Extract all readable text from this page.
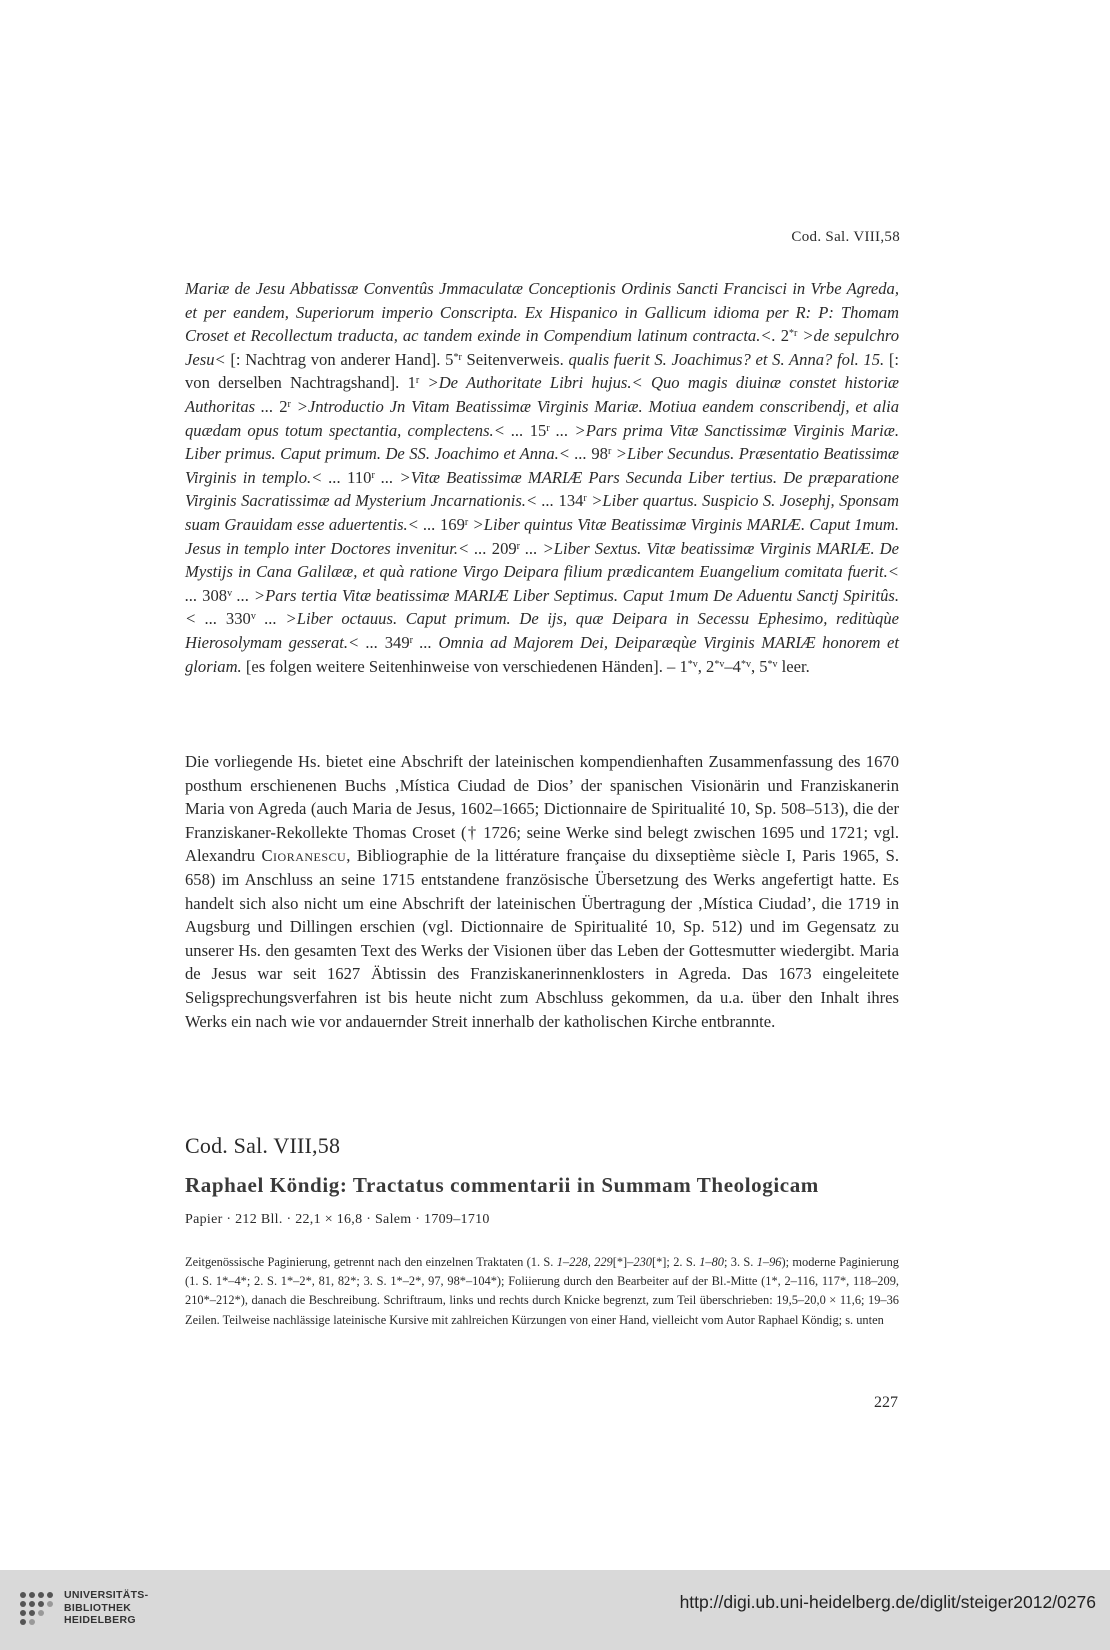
Cod. Sal. VIII,58
Mariæ de Jesu Abbatissæ Conventûs Jmmaculatæ Conceptionis Ordinis Sancti Francisci in Vrbe Agreda, et per eandem, Superiorum imperio Conscripta. Ex Hispanico in Gallicum idioma per R: P: Thomam Croset et Recollectum traducta, ac tandem exinde in Compendium latinum contracta.<. $2^{*r} >de$ sepulchro Jesu< [: Nachtrag von anderer Hand]. 5$^{*r}$ Seitenverweis. qualis fuerit S. Joachimus? et S. Anna? fol. 15. [: von derselben Nachtragshand]. $1^r >De$ Authoritate Libri hujus.< Quo magis diuinæ constet historiæ Authoritas ... $2^r$ >Jntroductio Jn Vitam Beatissimæ Virginis Mariæ. Motiua eandem conscribendj, et alia quædam opus totum spectantia, complectens.< ... 15$^r$ ... >Pars prima Vitæ Sanctissimæ Virginis Mariæ. Liber primus. Caput primum. De SS. Joachimo et Anna.< ... $98^r$ >Liber Secundus. Præsentatio Beatissimæ Virginis in templo.< ... 110$^r$ ... >Vitæ Beatissimæ MARIÆ Pars Secunda Liber tertius. De præparatione Virginis Sacratissimæ ad Mysterium Jncarnationis.< ... $134^r$ >Liber quartus. Suspicio S. Josephj, Sponsam suam Grauidam esse aduertentis.< ... $169^r$ >Liber quintus Vitæ Beatissimæ Virginis MARIÆ. Caput 1mum. Jesus in templo inter Doctores invenitur.< ... 209$^r$ ... >Liber Sextus. Vitæ beatissimæ Virginis MARIÆ. De Mystijs in Cana Galilææ, et quà ratione Virgo Deipara filium prædicantem Euangelium comitata fuerit.< ... 308$^v$ ... >Pars tertia Vitæ beatissimæ MARIÆ Liber Septimus. Caput 1mum De Aduentu Sanctj Spiritûs.< ... 330$^v$ ... >Liber octauus. Caput primum. De ijs, quæ Deipara in Secessu Ephesimo, reditùqùe Hierosolymam gesserat.< ... 349$^r$ ... Omnia ad Majorem Dei, Deiparæqùe Virginis MARIÆ honorem et gloriam. [es folgen weitere Seitenhinweise von verschiedenen Händen]. – 1$^{*v}$, 2$^{*v}$–4$^{*v}$, 5$^{*v}$ leer.
Die vorliegende Hs. bietet eine Abschrift der lateinischen kompendienhaften Zusammenfassung des 1670 posthum erschienenen Buchs ‚Mística Ciudad de Dios’ der spanischen Visionärin und Franziskanerin Maria von Agreda (auch Maria de Jesus, 1602–1665; Dictionnaire de Spiritualité 10, Sp. 508–513), die der Franziskaner-Rekollekte Thomas Croset († 1726; seine Werke sind belegt zwischen 1695 und 1721; vgl. Alexandru Cioranescu, Bibliographie de la littérature française du dixseptième siècle I, Paris 1965, S. 658) im Anschluss an seine 1715 entstandene französische Übersetzung des Werks angefertigt hatte. Es handelt sich also nicht um eine Abschrift der lateinischen Übertragung der ‚Mística Ciudad’, die 1719 in Augsburg und Dillingen erschien (vgl. Dictionnaire de Spiritualité 10, Sp. 512) und im Gegensatz zu unserer Hs. den gesamten Text des Werks der Visionen über das Leben der Gottesmutter wiedergibt. Maria de Jesus war seit 1627 Äbtissin des Franziskanerinnenklosters in Agreda. Das 1673 eingeleitete Seligsprechungsverfahren ist bis heute nicht zum Abschluss gekommen, da u.a. über den Inhalt ihres Werks ein nach wie vor andauernder Streit innerhalb der katholischen Kirche entbrannte.
Cod. Sal. VIII,58
Raphael Köndig: Tractatus commentarii in Summam Theologicam
Papier · 212 Bll. · 22,1 × 16,8 · Salem · 1709–1710
Zeitgenössische Paginierung, getrennt nach den einzelnen Traktaten (1. S. 1–228, 229[*]–230[*]; 2. S. 1–80; 3. S. 1–96); moderne Paginierung (1. S. 1*–4*; 2. S. 1*–2*, 81, 82*; 3. S. 1*–2*, 97, 98*–104*); Foliierung durch den Bearbeiter auf der Bl.-Mitte (1*, 2–116, 117*, 118–209, 210*–212*), danach die Beschreibung. Schriftraum, links und rechts durch Knicke begrenzt, zum Teil überschrieben: 19,5–20,0 × 11,6; 19–36 Zeilen. Teilweise nachlässige lateinische Kursive mit zahlreichen Kürzungen von einer Hand, vielleicht vom Autor Raphael Köndig; s. unten
227
UNIVERSITÄTS-
BIBLIOTHEK
HEIDELBERG
http://digi.ub.uni-heidelberg.de/diglit/steiger2012/0276
